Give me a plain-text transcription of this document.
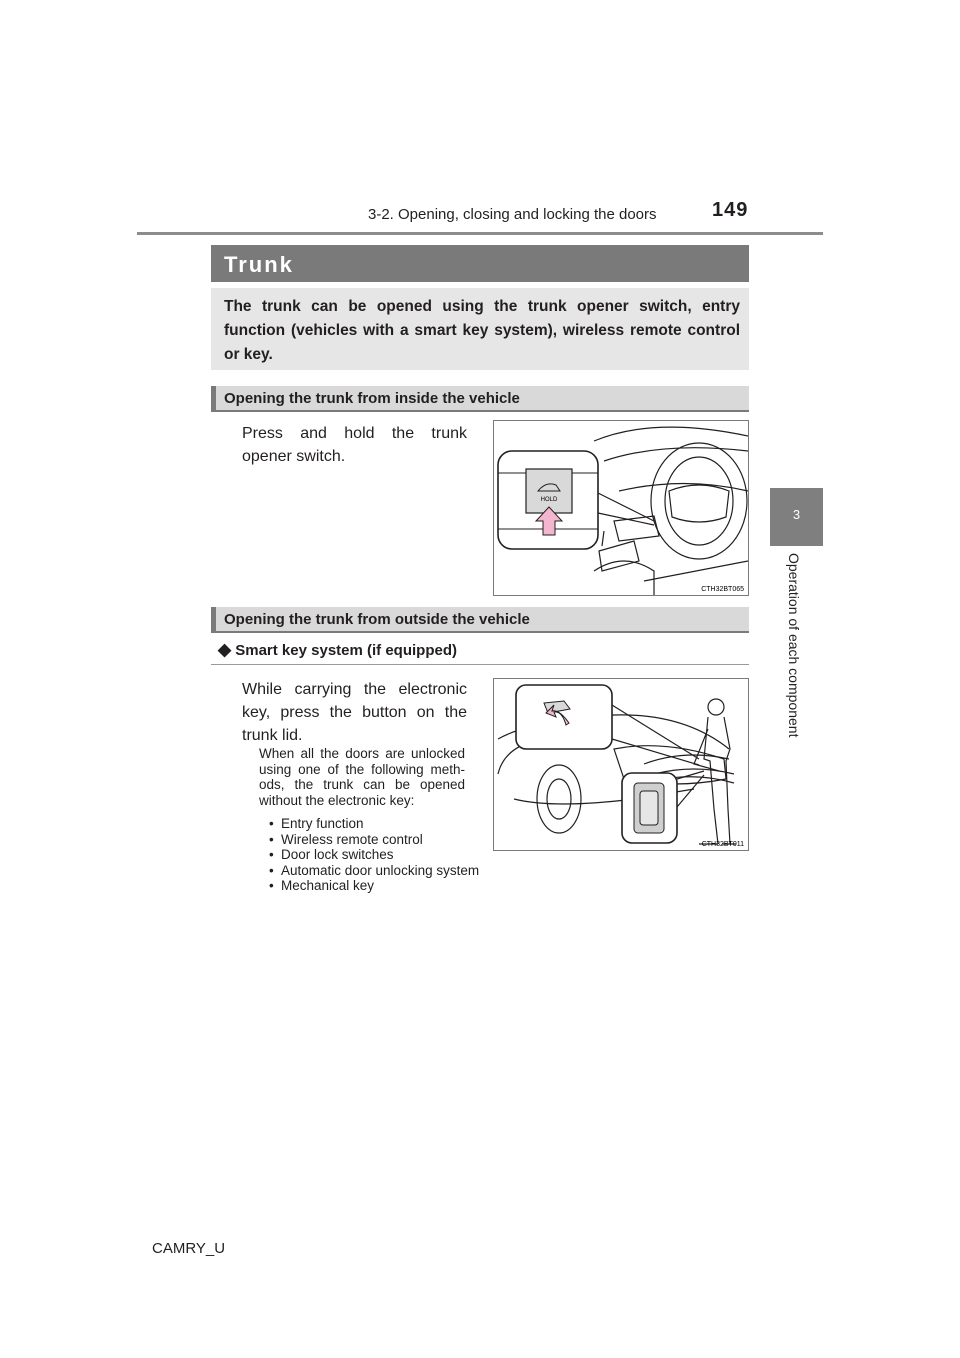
3-2. Opening, closing and locking the doors	149
3
Operation of each component
Trunk
The trunk can be opened using the trunk opener switch, entry function (vehicles with a smart key system), wireless remote control or key.
Opening the trunk from inside the vehicle
Press and hold the trunk opener switch.
HOLD
CTH32BT065
Opening the trunk from outside the vehicle
◆ Smart key system (if equipped)
While carrying the electronic key, press the button on the trunk lid.
When all the doors are unlocked using one of the following meth-ods, the trunk can be opened without the electronic key:
• Entry function
• Wireless remote control
• Door lock switches
• Automatic door unlocking system
• Mechanical key
CTH32BT011
CAMRY_U
